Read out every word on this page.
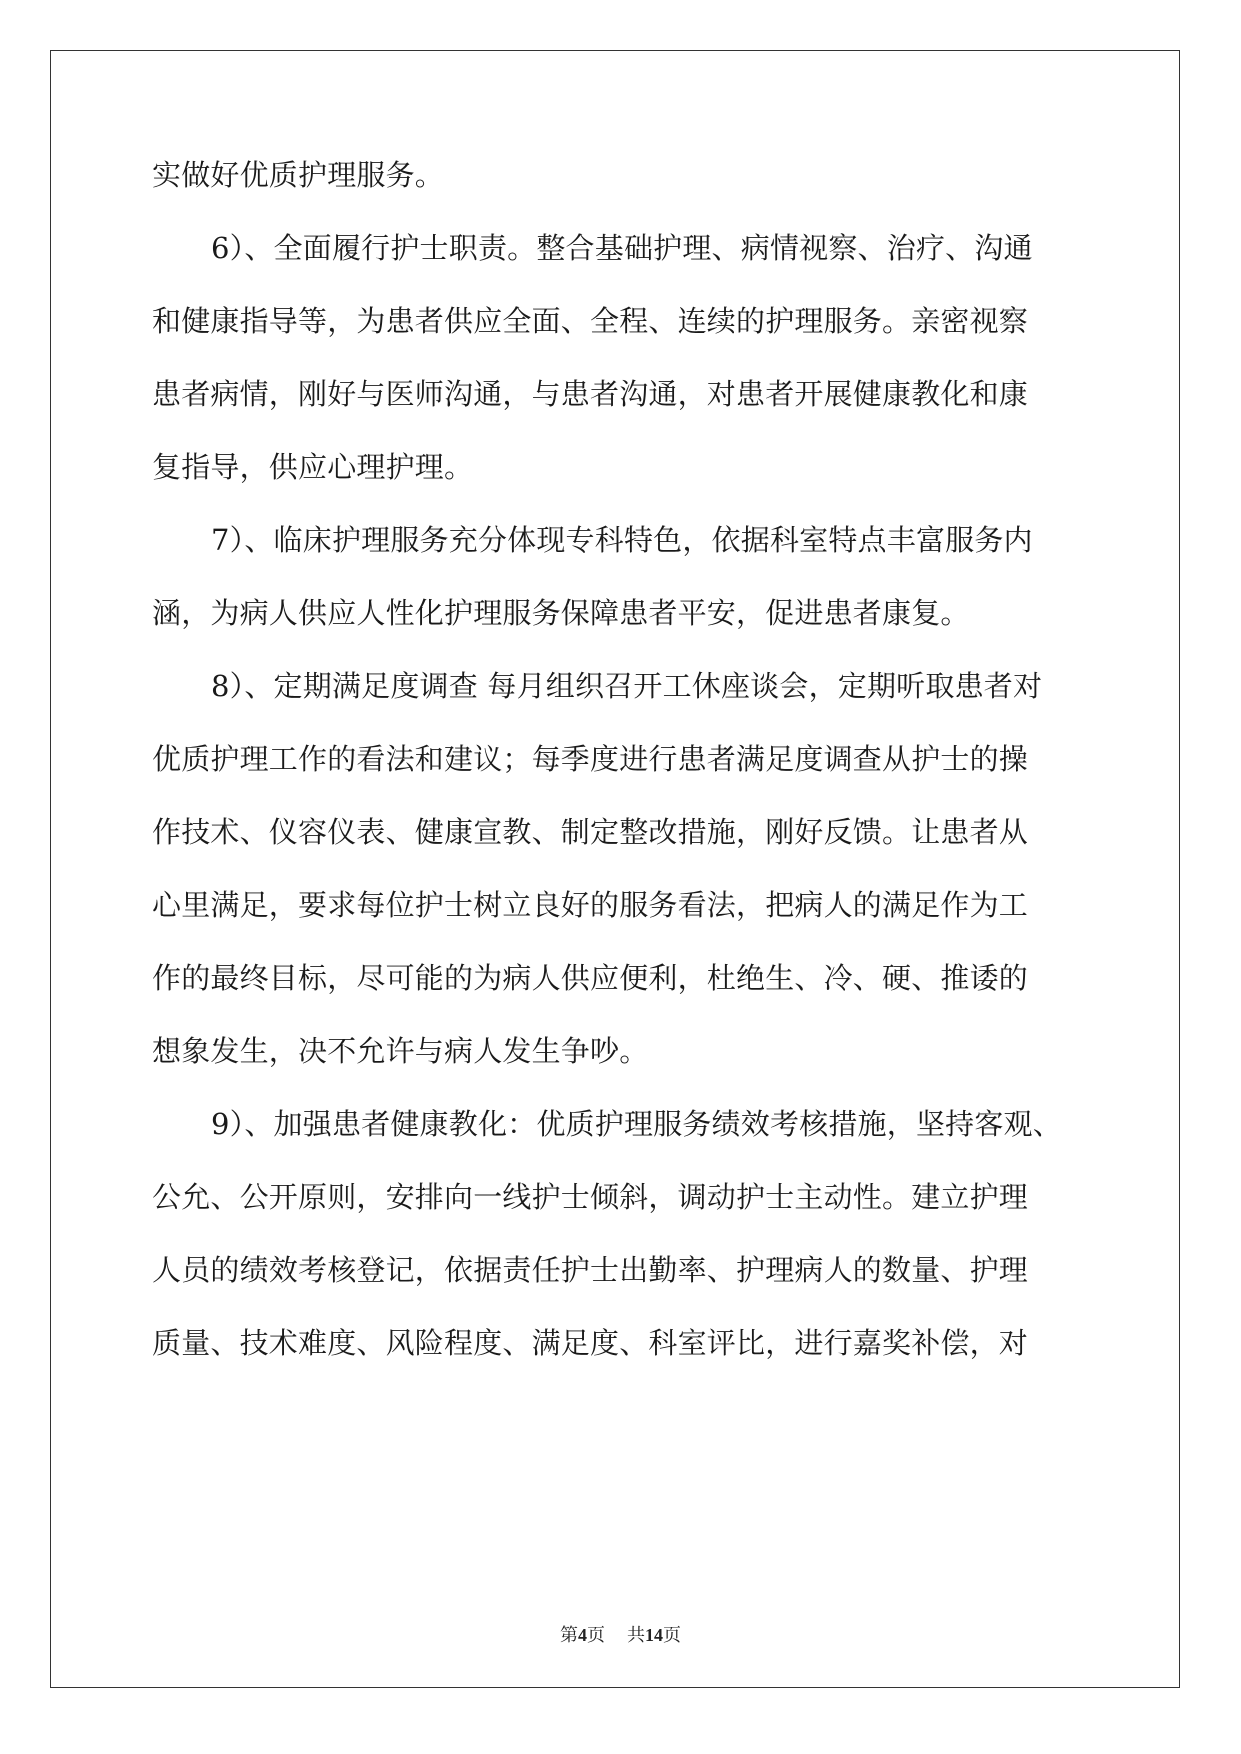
实做好优质护理服务。
6）、全面履行护士职责。整合基础护理、病情视察、治疗、沟通
和健康指导等，为患者供应全面、全程、连续的护理服务。亲密视察
患者病情，刚好与医师沟通，与患者沟通，对患者开展健康教化和康
复指导，供应心理护理。
7）、临床护理服务充分体现专科特色，依据科室特点丰富服务内
涵，为病人供应人性化护理服务保障患者平安，促进患者康复。
8）、定期满足度调查 每月组织召开工休座谈会，定期听取患者对
优质护理工作的看法和建议；每季度进行患者满足度调查从护士的操
作技术、仪容仪表、健康宣教、制定整改措施，刚好反馈。让患者从
心里满足，要求每位护士树立良好的服务看法，把病人的满足作为工
作的最终目标，尽可能的为病人供应便利，杜绝生、冷、硬、推诿的
想象发生，决不允许与病人发生争吵。
9）、加强患者健康教化：优质护理服务绩效考核措施，坚持客观、
公允、公开原则，安排向一线护士倾斜，调动护士主动性。建立护理
人员的绩效考核登记，依据责任护士出勤率、护理病人的数量、护理
质量、技术难度、风险程度、满足度、科室评比，进行嘉奖补偿，对
第4页 共14页
